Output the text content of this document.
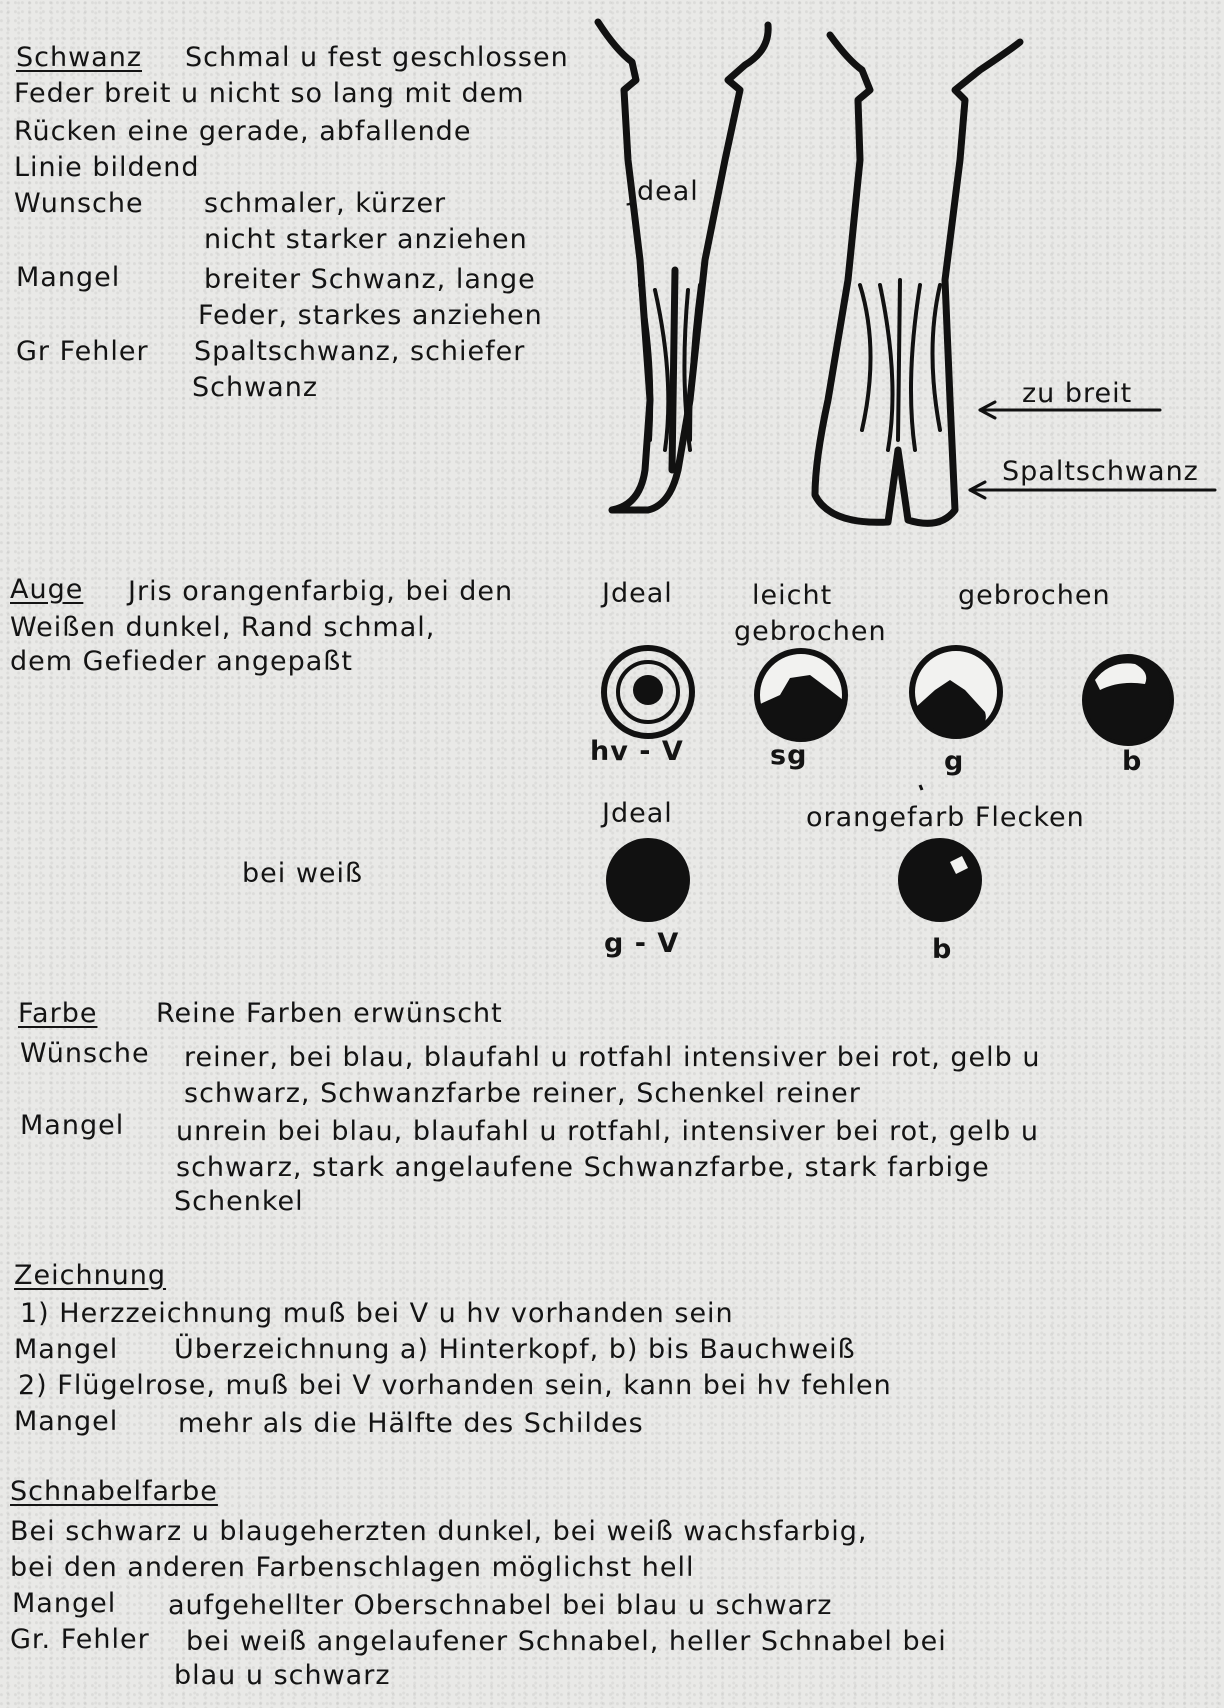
Schwanz Schmal u fest geschlossen
Feder breit u nicht so lang mit dem
Rücken eine gerade, abfallende
Linie bildend
Wunsche schmaler, kürzer
nicht starker anziehen
Mangel	breiter Schwanz, lange
Feder, starkes anziehen
Gr Fehler Spaltschwanz, schiefer
Schwanz
Jdeal
zu breit
Spaltschwanz
Auge Jris orangenfarbig, bei den
Weißen dunkel, Rand schmal,
dem Gefieder angepaßt
Jdeal	leicht
gebrochen
gebrochen
hv - V	sg	g	b
Jdeal	orangefarb Flecken
bei weiß
g - V	b
Farbe Reine Farben erwünscht
Wünsche reiner, bei blau, blaufahl u rotfahl intensiver bei rot, gelb u
schwarz, Schwanzfarbe reiner, Schenkel reiner
Mangel unrein bei blau, blaufahl u rotfahl, intensiver bei rot, gelb u
schwarz, stark angelaufene Schwanzfarbe, stark farbige
Schenkel
Zeichnung
1) Herzzeichnung muß bei V u hv vorhanden sein
Mangel Überzeichnung a) Hinterkopf, b) bis Bauchweiß
2) Flügelrose, muß bei V vorhanden sein, kann bei hv fehlen
Mangel mehr als die Hälfte des Schildes
Schnabelfarbe
Bei schwarz u blaugeherzten dunkel, bei weiß wachsfarbig,
bei den anderen Farbenschlagen möglichst hell
Mangel aufgehellter Oberschnabel bei blau u schwarz
Gr. Fehler bei weiß angelaufener Schnabel, heller Schnabel bei
blau u schwarz
